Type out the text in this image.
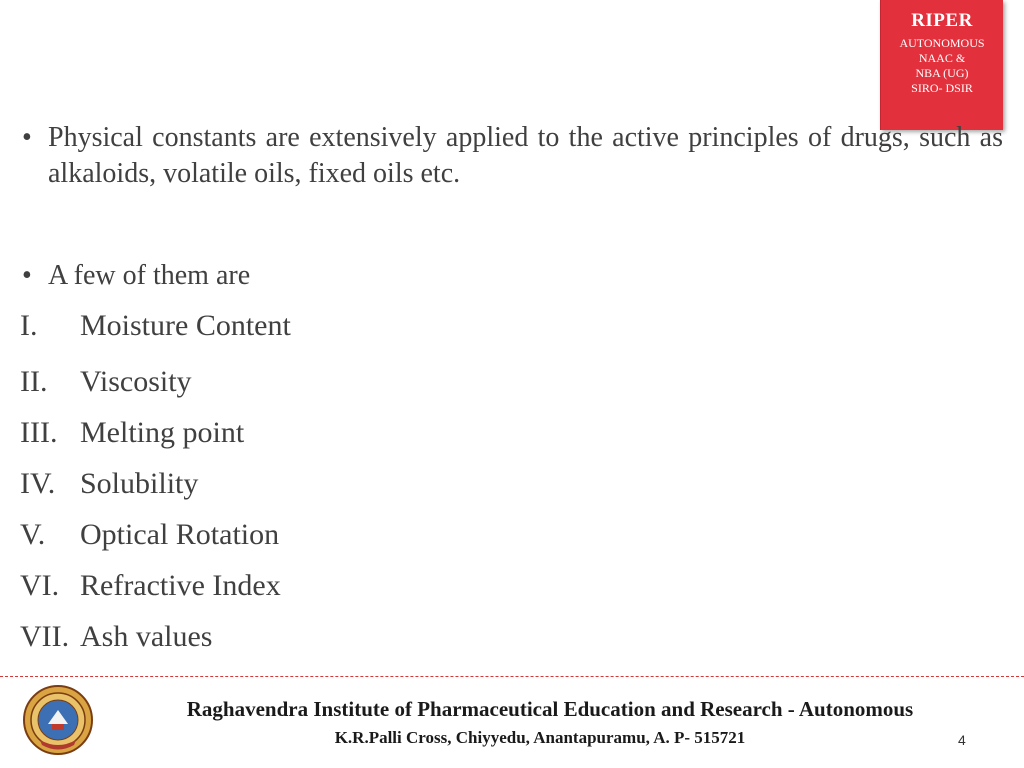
RIPER
AUTONOMOUS
NAAC &
NBA (UG)
SIRO- DSIR
• Physical constants are extensively applied to the active principles of drugs, such as alkaloids, volatile oils, fixed oils etc.
• A few of them are
I. Moisture Content
II. Viscosity
III. Melting point
IV. Solubility
V. Optical Rotation
VI. Refractive Index
VII. Ash values
Raghavendra Institute of Pharmaceutical Education and Research - Autonomous
K.R.Palli Cross, Chiyyedu, Anantapuramu, A. P- 515721	4
